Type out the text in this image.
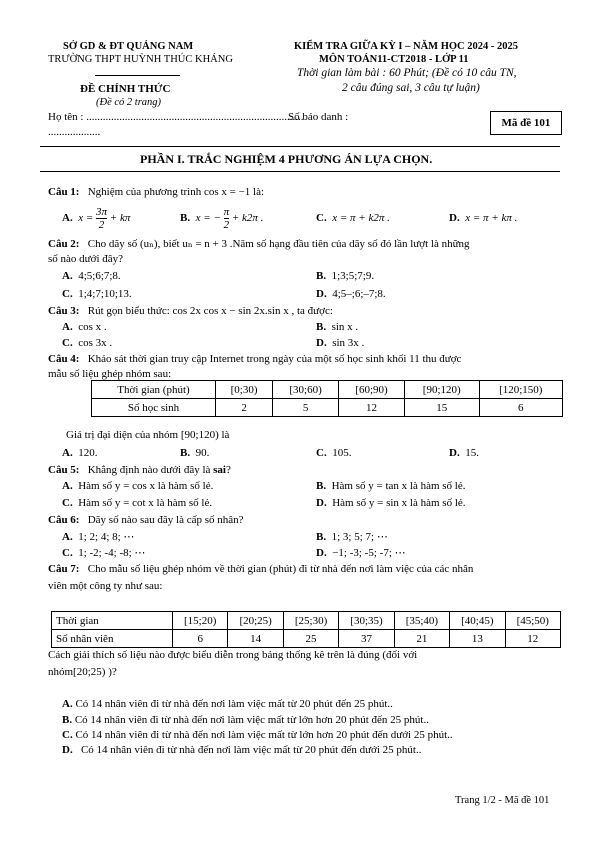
SỞ GD & ĐT QUẢNG NAM
TRƯỜNG THPT HUỲNH THÚC KHÁNG
ĐỀ CHÍNH THỨC
(Đề có 2 trang)
KIỂM TRA GIỮA KỲ I – NĂM HỌC 2024 - 2025
MÔN TOÁN11-CT2018 - LỚP 11
Thời gian làm bài : 60 Phút; (Đề có 10 câu TN,
2 câu đúng sai, 3 câu tự luận)
Họ tên : ...............................................................................
...................
Số báo danh :	Mã đề 101
PHẦN I. TRẮC NGHIỆM 4 PHƯƠNG ÁN LỰA CHỌN.
Câu 1: Nghiệm của phương trình cos x = −1 là:
A. $x = \frac{3\pi}{2} + k\pi$	B. x = − $\frac{\pi}{2} + k2\pi$ .	C. x = π + k2π .	D. x = π + kπ .
Câu 2: Cho dãy số (uₙ), biết uₙ = n + 3 .Năm số hạng đầu tiên của dãy số đó lần lượt là những
số nào dưới đây?
A. 4;5;6;7;8.	B. 1;3;5;7;9.
C. 1;4;7;10;13.	D. 4;5–;6;–7;8.
Câu 3: Rút gọn biểu thức: cos 2x cos x − sin 2x.sin x , ta được:
A. cos x .	B. sin x .
C. cos 3x .	D. sin 3x .
Câu 4: Khảo sát thời gian truy cập Internet trong ngày của một số học sinh khối 11 thu được
mẫu số liệu ghép nhóm sau:
Thời gian (phút)	[0;30)	[30;60)	[60;90)	[90;120)	[120;150)
Số học sinh	2	5	12	15	6
Giá trị đại diện của nhóm [90;120) là
A. 120.	B. 90.	C. 105.	D. 15.
Câu 5: Khẳng định nào dưới đây là sai?
A. Hàm số y = cos x là hàm số lẻ.	B. Hàm số y = tan x là hàm số lẻ.
C. Hàm số y = cot x là hàm số lẻ.	D. Hàm số y = sin x là hàm số lẻ.
Câu 6: Dãy số nào sau đây là cấp số nhân?
A. 1; 2; 4; 8; ⋯	B. 1; 3; 5; 7; ⋯
C. 1; -2; -4; -8; ⋯	D. −1; -3; -5; -7; ⋯
Câu 7: Cho mẫu số liệu ghép nhóm về thời gian (phút) đi từ nhà đến nơi làm việc của các nhân
viên một công ty như sau:
Thời gian	[15;20)	[20;25)	[25;30)	[30;35)	[35;40)	[40;45)	[45;50)
Số nhân viên	6	14	25	37	21	13	12
Cách giải thích số liệu nào được biểu diễn trong bảng thống kê trên là đúng (đối với
nhóm[20;25) )?
A. Có 14 nhân viên đi từ nhà đến nơi làm việc mất từ 20 phút đến 25 phút..
B. Có 14 nhân viên đi từ nhà đến nơi làm việc mất từ lớn hơn 20 phút đến 25 phút..
C. Có 14 nhân viên đi từ nhà đến nơi làm việc mất từ lớn hơn 20 phút đến dưới 25 phút..
D. Có 14 nhân viên đi từ nhà đến nơi làm việc mất từ 20 phút đến dưới 25 phút..
Trang 1/2 - Mã đề 101
